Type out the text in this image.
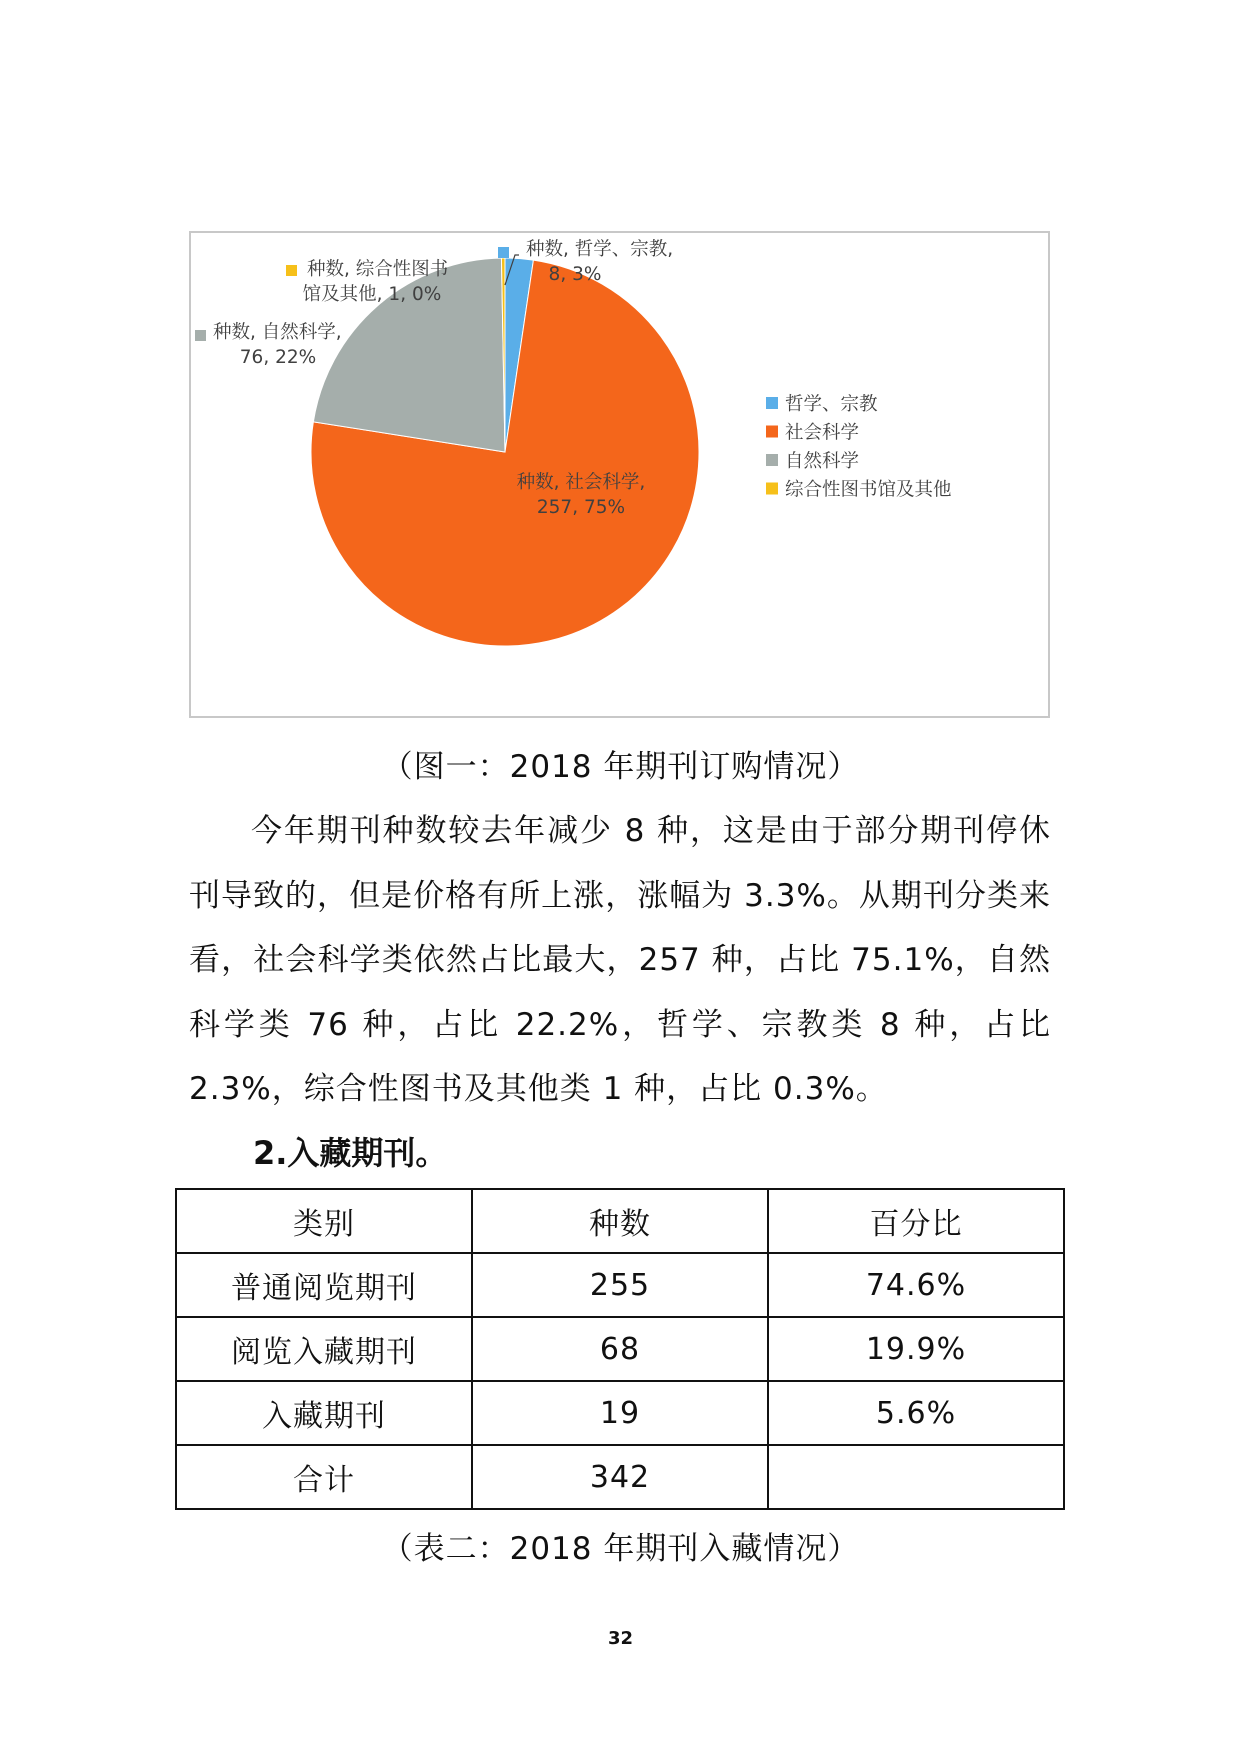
种数, 哲学、宗教,
8, 3%
种数, 社会科学,
257, 75%
种数, 自然科学,
76, 22%
种数, 综合性图书
馆及其他, 1, 0%
哲学、宗教
社会科学
自然科学
综合性图书馆及其他
（图一：2018 年期刊订购情况）

今年期刊种数较去年减少 8 种，这是由于部分期刊停休刊导致的，但是价格有所上涨，涨幅为 3.3%。从期刊分类来看，社会科学类依然占比最大，257 种，占比 75.1%，自然科学类 76 种，占比 22.2%，哲学、宗教类 8 种，占比 2.3%，综合性图书及其他类 1 种，占比 0.3%。

2.入藏期刊。
类别	种数	百分比
普通阅览期刊	255	74.6%
阅览入藏期刊	68	19.9%
入藏期刊	19	5.6%
合计	342	
（表二：2018 年期刊入藏情况）
32
